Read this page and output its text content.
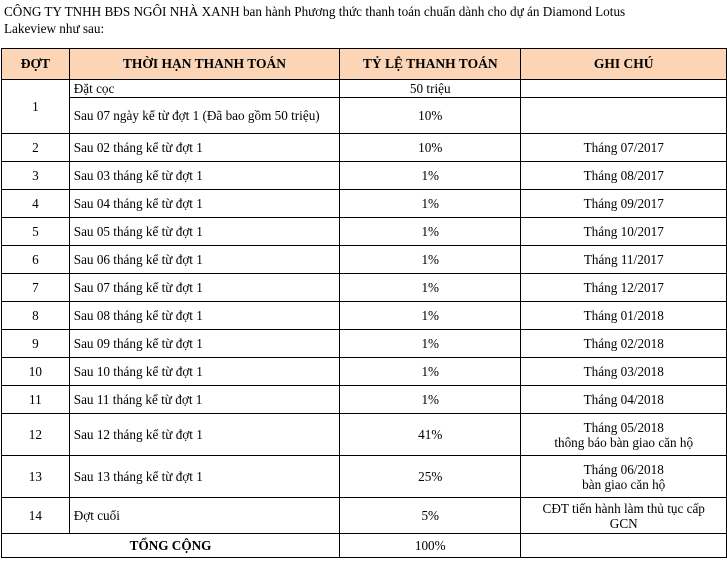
CÔNG TY TNHH BĐS NGÔI NHÀ XANH ban hành Phương thức thanh toán chuẩn dành cho dự án Diamond Lotus
Lakeview như sau:
ĐỢT	THỜI HẠN THANH TOÁN	TỶ LỆ THANH TOÁN	GHI CHÚ
1	Đặt cọc	50 triệu	
	Sau 07 ngày kể từ đợt 1 (Đã bao gồm 50 triệu)	10%	
2	Sau 02 tháng kể từ đợt 1	10%	Tháng 07/2017
3	Sau 03 tháng kể từ đợt 1	1%	Tháng 08/2017
4	Sau 04 tháng kể từ đợt 1	1%	Tháng 09/2017
5	Sau 05 tháng kể từ đợt 1	1%	Tháng 10/2017
6	Sau 06 tháng kể từ đợt 1	1%	Tháng 11/2017
7	Sau 07 tháng kể từ đợt 1	1%	Tháng 12/2017
8	Sau 08 tháng kể từ đợt 1	1%	Tháng 01/2018
9	Sau 09 tháng kể từ đợt 1	1%	Tháng 02/2018
10	Sau 10 tháng kể từ đợt 1	1%	Tháng 03/2018
11	Sau 11 tháng kể từ đợt 1	1%	Tháng 04/2018
12	Sau 12 tháng kể từ đợt 1	41%	Tháng 05/2018
thông báo bàn giao căn hộ

13	Sau 13 tháng kể từ đợt 1	25%	Tháng 06/2018
bàn giao căn hộ

14	Đợt cuối	5%	CĐT tiến hành làm thủ tục cấp
GCN

TỔNG CỘNG		100%	
